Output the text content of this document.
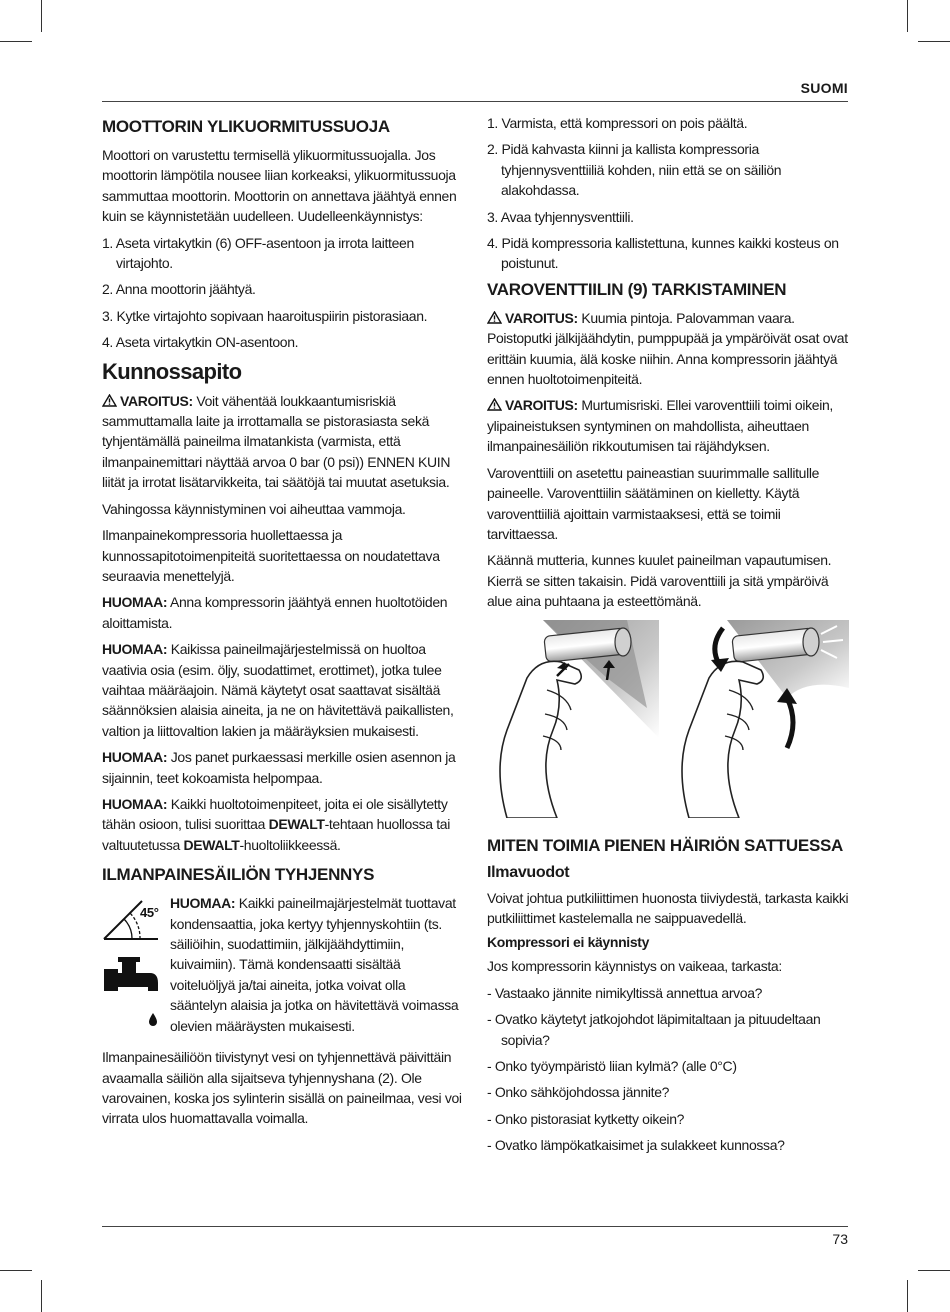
SUOMI
MOOTTORIN YLIKUORMITUSSUOJA

Moottori on varustettu termisellä ylikuormitussuojalla. Jos moottorin lämpötila nousee liian korkeaksi, ylikuormitussuoja sammuttaa moottorin. Moottorin on annettava jäähtyä ennen kuin se käynnistetään uudelleen. Uudelleenkäynnistys:

1. Aseta virtakytkin (6) OFF-asentoon ja irrota laitteen virtajohto.
2. Anna moottorin jäähtyä.
3. Kytke virtajohto sopivaan haaroituspiirin pistorasiaan.
4. Aseta virtakytkin ON-asentoon.
Kunnossapito

VAROITUS: Voit vähentää loukkaantumisriskiä sammuttamalla laite ja irrottamalla se pistorasiasta sekä tyhjentämällä paineilma ilmatankista (varmista, että ilmanpainemittari näyttää arvoa 0 bar (0 psi)) ENNEN KUIN liität ja irrotat lisätarvikkeita, tai säätöjä tai muutat asetuksia.

Vahingossa käynnistyminen voi aiheuttaa vammoja.

Ilmanpainekompressoria huollettaessa ja kunnossapitotoimenpiteitä suoritettaessa on noudatettava seuraavia menettelyjä.

HUOMAA: Anna kompressorin jäähtyä ennen huoltotöiden aloittamista.

HUOMAA: Kaikissa paineilmajärjestelmissä on huoltoa vaativia osia (esim. öljy, suodattimet, erottimet), jotka tulee vaihtaa määräajoin. Nämä käytetyt osat saattavat sisältää säännöksien alaisia aineita, ja ne on hävitettävä paikallisten, valtion ja liittovaltion lakien ja määräyksien mukaisesti.

HUOMAA: Jos panet purkaessasi merkille osien asennon ja sijainnin, teet kokoamista helpompaa.

HUOMAA: Kaikki huoltotoimenpiteet, joita ei ole sisällytetty tähän osioon, tulisi suorittaa DEWALT-tehtaan huollossa tai valtuutetussa DEWALT-huoltoliikkeessä.

ILMANPAINESÄILIÖN TYHJENNYS
45°

HUOMAA: Kaikki paineilmajärjestelmät tuottavat kondensaattia, joka kertyy tyhjennyskohtiin (ts. säiliöihin, suodattimiin, jälkijäähdyttimiin, kuivaimiin). Tämä kondensaatti sisältää voiteluöljyä ja/tai aineita, jotka voivat olla sääntelyn alaisia ja jotka on hävitettävä voimassa olevien määräysten mukaisesti.

Ilmanpainesäiliöön tiivistynyt vesi on tyhjennettävä päivittäin avaamalla säiliön alla sijaitseva tyhjennyshana (2). Ole varovainen, koska jos sylinterin sisällä on paineilmaa, vesi voi virrata ulos huomattavalla voimalla.

1. Varmista, että kompressori on pois päältä.
2. Pidä kahvasta kiinni ja kallista kompressoria tyhjennysventtiiliä kohden, niin että se on säiliön alakohdassa.
3. Avaa tyhjennysventtiili.
4. Pidä kompressoria kallistettuna, kunnes kaikki kosteus on poistunut.
VAROVENTTIILIN (9) TARKISTAMINEN

VAROITUS: Kuumia pintoja. Palovamman vaara. Poistoputki jälkijäähdytin, pumppupää ja ympäröivät osat ovat erittäin kuumia, älä koske niihin. Anna kompressorin jäähtyä ennen huoltotoimenpiteitä.

VAROITUS: Murtumisriski. Ellei varoventtiili toimi oikein, ylipaineistuksen syntyminen on mahdollista, aiheuttaen ilmanpainesäiliön rikkoutumisen tai räjähdyksen.

Varoventtiili on asetettu paineastian suurimmalle sallitulle paineelle. Varoventtiilin säätäminen on kielletty. Käytä varoventtiiliä ajoittain varmistaaksesi, että se toimii tarvittaessa.

Käännä mutteria, kunnes kuulet paineilman vapautumisen. Kierrä se sitten takaisin. Pidä varoventtiili ja sitä ympäröivä alue aina puhtaana ja esteettömänä.

MITEN TOIMIA PIENEN HÄIRIÖN SATTUESSA
Ilmavuodot

Voivat johtua putkiliittimen huonosta tiiviydestä, tarkasta kaikki putkiliittimet kastelemalla ne saippuavedellä.

Kompressori ei käynnisty

Jos kompressorin käynnistys on vaikeaa, tarkasta:

- Vastaako jännite nimikyltissä annettua arvoa?
- Ovatko käytetyt jatkojohdot läpimitaltaan ja pituudeltaan sopivia?
- Onko työympäristö liian kylmä? (alle 0°C)
- Onko sähköjohdossa jännite?
- Onko pistorasiat kytketty oikein?
- Ovatko lämpökatkaisimet ja sulakkeet kunnossa?
73
